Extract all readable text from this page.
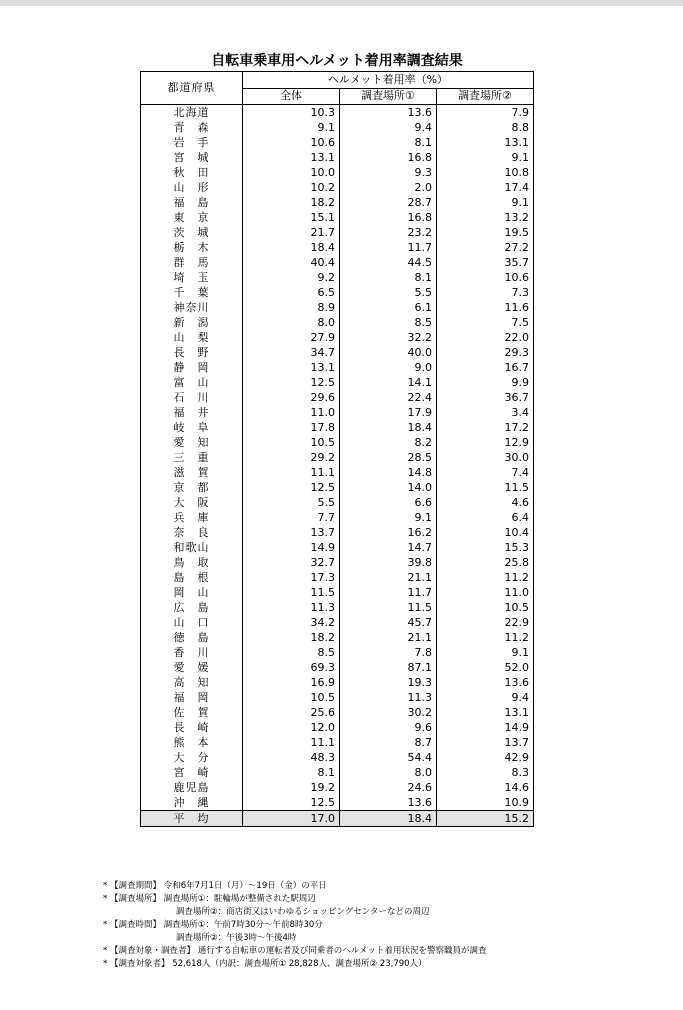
自転車乗車用ヘルメット着用率調査結果
都道府県	ヘルメット着用率（%）		
	全体	調査場所①	調査場所②
北海道	10.3	13.6	7.9
青　森	9.1	9.4	8.8
岩　手	10.6	8.1	13.1
宮　城	13.1	16.8	9.1
秋　田	10.0	9.3	10.8
山　形	10.2	2.0	17.4
福　島	18.2	28.7	9.1
東　京	15.1	16.8	13.2
茨　城	21.7	23.2	19.5
栃　木	18.4	11.7	27.2
群　馬	40.4	44.5	35.7
埼　玉	9.2	8.1	10.6
千　葉	6.5	5.5	7.3
神奈川	8.9	6.1	11.6
新　潟	8.0	8.5	7.5
山　梨	27.9	32.2	22.0
長　野	34.7	40.0	29.3
静　岡	13.1	9.0	16.7
富　山	12.5	14.1	9.9
石　川	29.6	22.4	36.7
福　井	11.0	17.9	3.4
岐　阜	17.8	18.4	17.2
愛　知	10.5	8.2	12.9
三　重	29.2	28.5	30.0
滋　賀	11.1	14.8	7.4
京　都	12.5	14.0	11.5
大　阪	5.5	6.6	4.6
兵　庫	7.7	9.1	6.4
奈　良	13.7	16.2	10.4
和歌山	14.9	14.7	15.3
鳥　取	32.7	39.8	25.8
島　根	17.3	21.1	11.2
岡　山	11.5	11.7	11.0
広　島	11.3	11.5	10.5
山　口	34.2	45.7	22.9
徳　島	18.2	21.1	11.2
香　川	8.5	7.8	9.1
愛　媛	69.3	87.1	52.0
高　知	16.9	19.3	13.6
福　岡	10.5	11.3	9.4
佐　賀	25.6	30.2	13.1
長　崎	12.0	9.6	14.9
熊　本	11.1	8.7	13.7
大　分	48.3	54.4	42.9
宮　崎	8.1	8.0	8.3
鹿児島	19.2	24.6	14.6
沖　縄	12.5	13.6	10.9
平　均	17.0	18.4	15.2
* 【調査期間】 令和6年7月1日（月）～19日（金）の平日
* 【調査場所】 調査場所①：駐輪場が整備された駅周辺
調査場所②：商店街又はいわゆるショッピングセンターなどの周辺
* 【調査時間】 調査場所①：午前7時30分～午前8時30分
調査場所②：午後3時～午後4時
* 【調査対象・調査者】 通行する自転車の運転者及び同乗者のヘルメット着用状況を警察職員が調査
* 【調査対象者】 52,618人（内訳：調査場所① 28,828人、調査場所② 23,790人）
